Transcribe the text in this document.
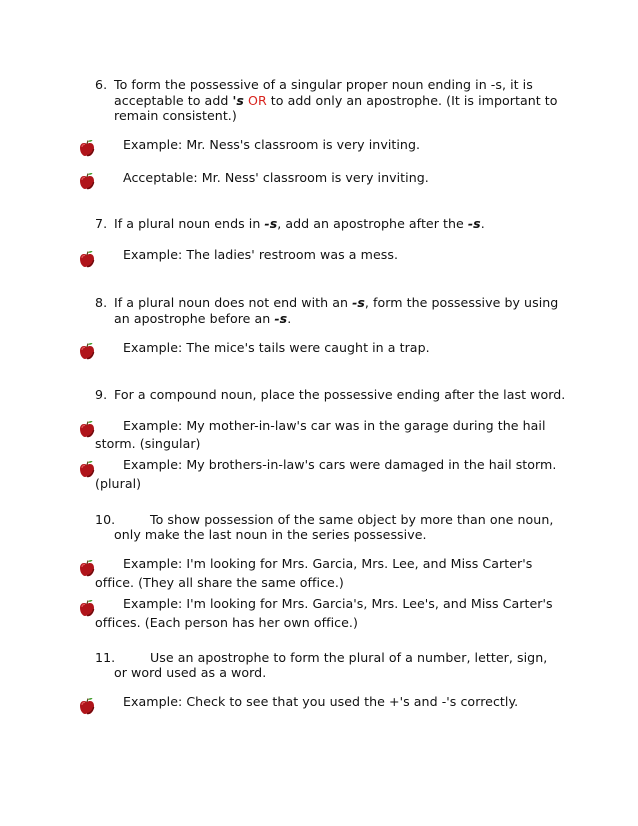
6. To form the possessive of a singular proper noun ending in -s, it is
acceptable to add 's OR to add only an apostrophe. (It is important to
remain consistent.)
Example: Mr. Ness's classroom is very inviting.
Acceptable: Mr. Ness' classroom is very inviting.
7. If a plural noun ends in -s, add an apostrophe after the -s.
Example: The ladies' restroom was a mess.
8. If a plural noun does not end with an -s, form the possessive by using
an apostrophe before an -s.
Example: The mice's tails were caught in a trap.
9. For a compound noun, place the possessive ending after the last word.
Example: My mother-in-law's car was in the garage during the hail
storm. (singular)
Example: My brothers-in-law's cars were damaged in the hail storm.
(plural)
10.	To show possession of the same object by more than one noun,
only make the last noun in the series possessive.
Example: I'm looking for Mrs. Garcia, Mrs. Lee, and Miss Carter's
office. (They all share the same office.)
Example: I'm looking for Mrs. Garcia's, Mrs. Lee's, and Miss Carter's
offices. (Each person has her own office.)
11.	Use an apostrophe to form the plural of a number, letter, sign,
or word used as a word.
Example: Check to see that you used the +'s and -'s correctly.
